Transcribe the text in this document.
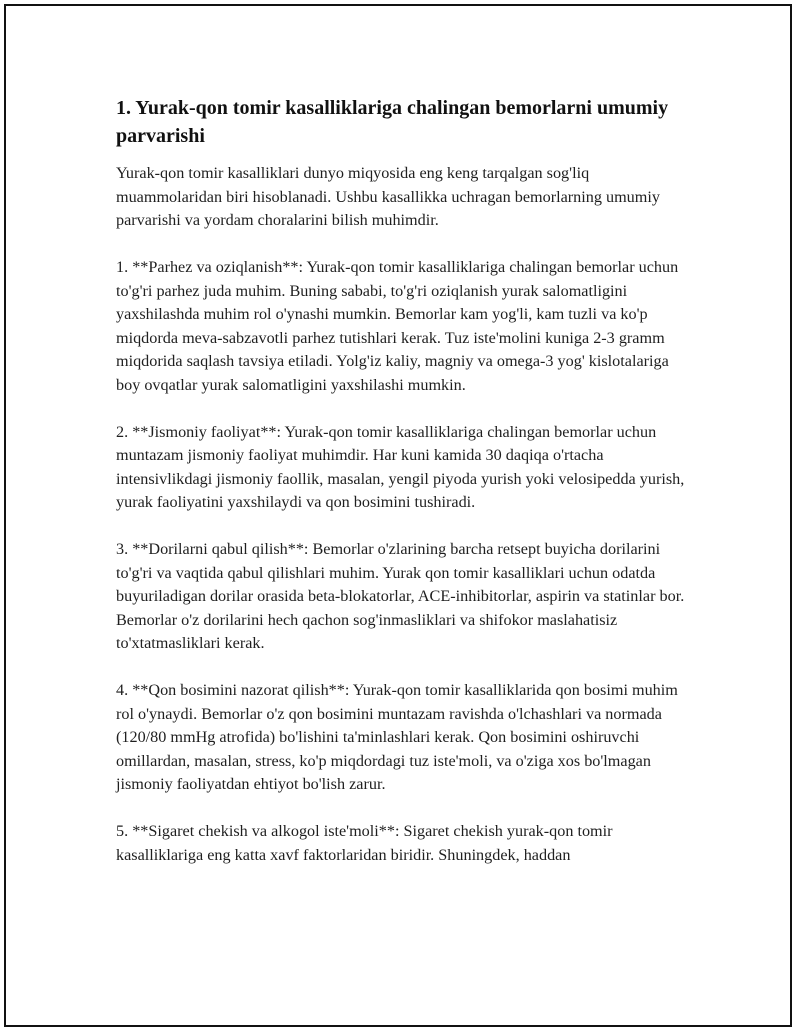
1. Yurak-qon tomir kasalliklariga chalingan bemorlarni umumiy parvarishi

Yurak-qon tomir kasalliklari dunyo miqyosida eng keng tarqalgan sog'liq muammolaridan biri hisoblanadi. Ushbu kasallikka uchragan bemorlarning umumiy parvarishi va yordam choralarini bilish muhimdir.

1. **Parhez va oziqlanish**: Yurak-qon tomir kasalliklariga chalingan bemorlar uchun to'g'ri parhez juda muhim. Buning sababi, to'g'ri oziqlanish yurak salomatligini yaxshilashda muhim rol o'ynashi mumkin. Bemorlar kam yog'li, kam tuzli va ko'p miqdorda meva-sabzavotli parhez tutishlari kerak. Tuz iste'molini kuniga 2-3 gramm miqdorida saqlash tavsiya etiladi. Yolg'iz kaliy, magniy va omega-3 yog' kislotalariga boy ovqatlar yurak salomatligini yaxshilashi mumkin.

2. **Jismoniy faoliyat**: Yurak-qon tomir kasalliklariga chalingan bemorlar uchun muntazam jismoniy faoliyat muhimdir. Har kuni kamida 30 daqiqa o'rtacha intensivlikdagi jismoniy faollik, masalan, yengil piyoda yurish yoki velosipedda yurish, yurak faoliyatini yaxshilaydi va qon bosimini tushiradi.

3. **Dorilarni qabul qilish**: Bemorlar o'zlarining barcha retsept buyicha dorilarini to'g'ri va vaqtida qabul qilishlari muhim. Yurak qon tomir kasalliklari uchun odatda buyuriladigan dorilar orasida beta-blokatorlar, ACE-inhibitorlar, aspirin va statinlar bor. Bemorlar o'z dorilarini hech qachon sog'inmasliklari va shifokor maslahatisiz to'xtatmasliklari kerak.

4. **Qon bosimini nazorat qilish**: Yurak-qon tomir kasalliklarida qon bosimi muhim rol o'ynaydi. Bemorlar o'z qon bosimini muntazam ravishda o'lchashlari va normada (120/80 mmHg atrofida) bo'lishini ta'minlashlari kerak. Qon bosimini oshiruvchi omillardan, masalan, stress, ko'p miqdordagi tuz iste'moli, va o'ziga xos bo'lmagan jismoniy faoliyatdan ehtiyot bo'lish zarur.

5. **Sigaret chekish va alkogol iste'moli**: Sigaret chekish yurak-qon tomir kasalliklariga eng katta xavf faktorlaridan biridir. Shuningdek, haddan
